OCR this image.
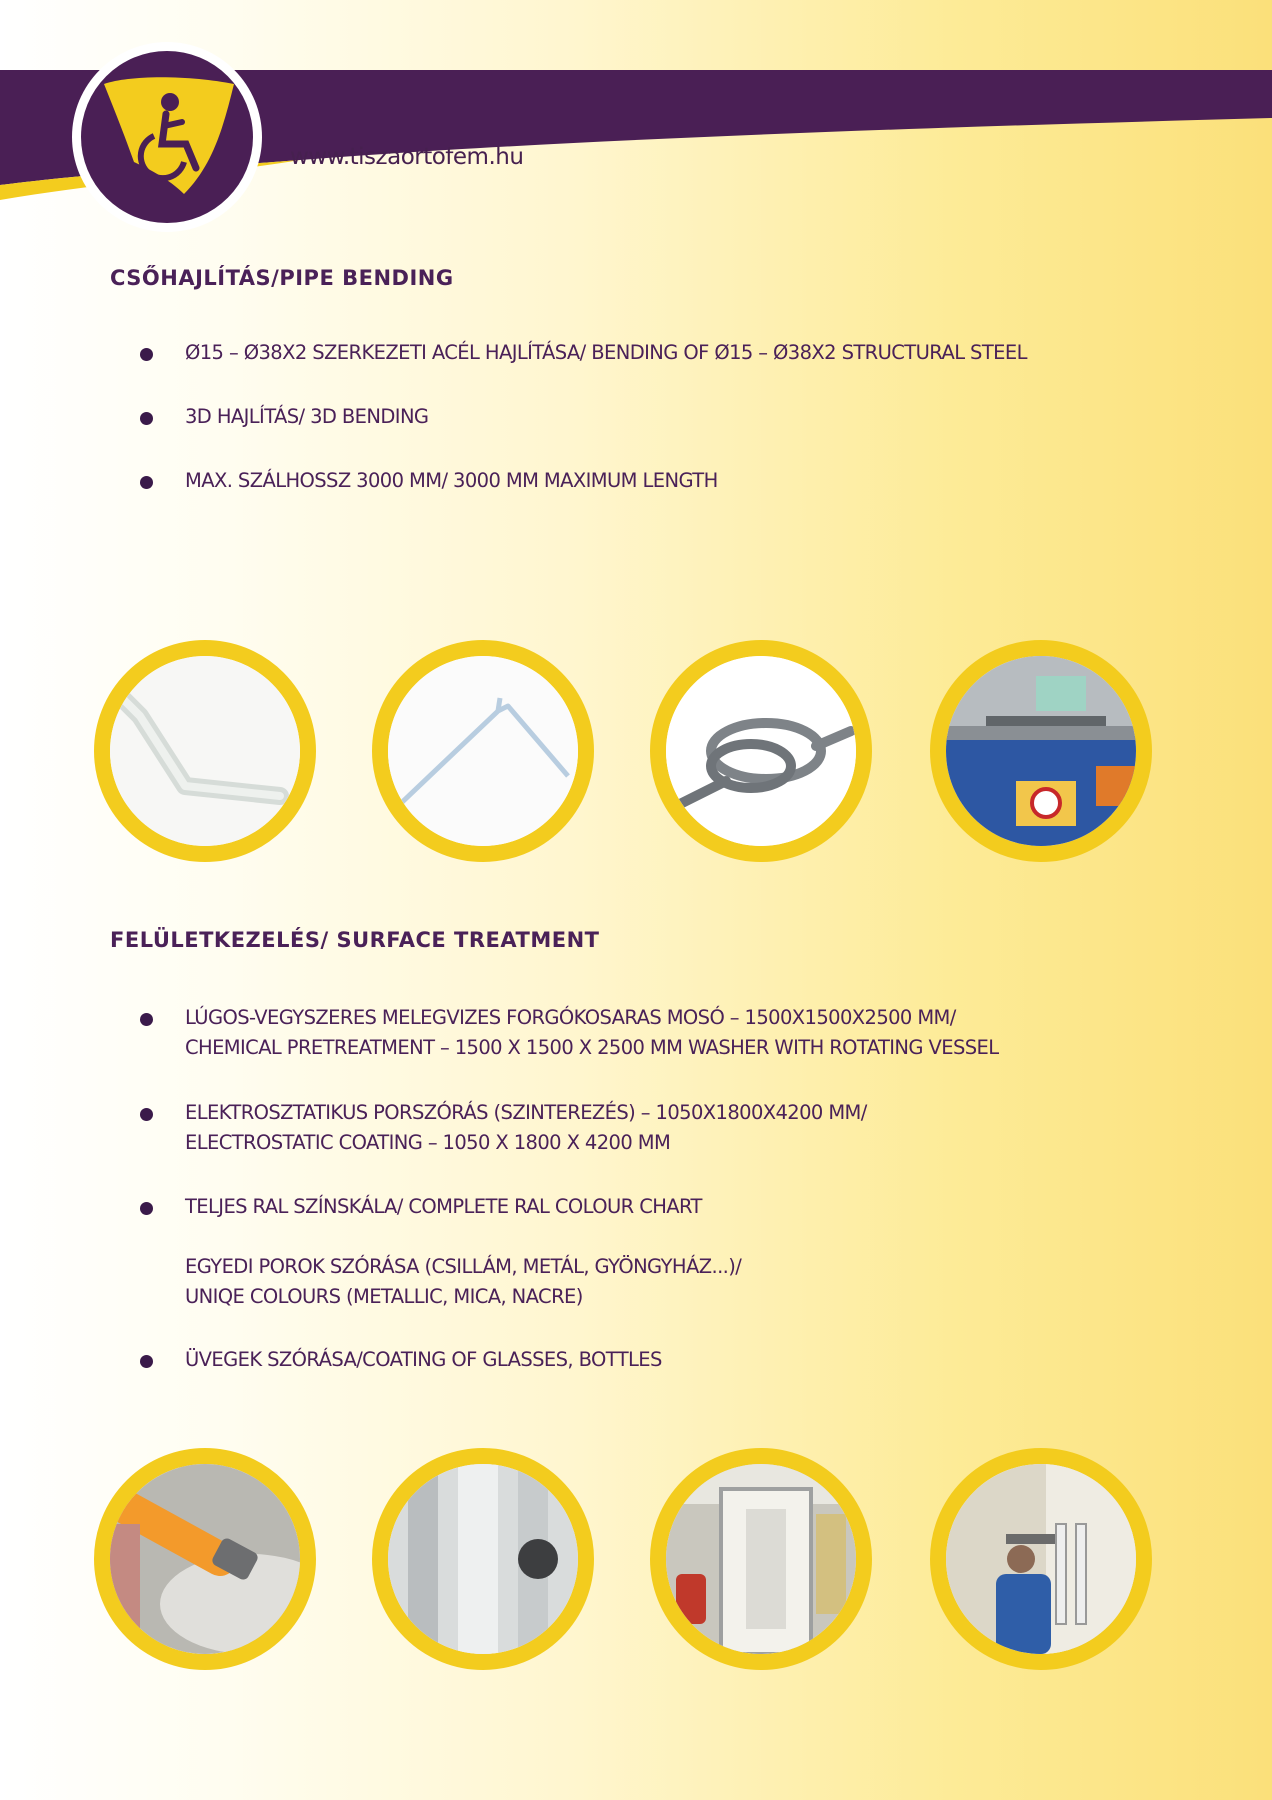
www.tiszaortofem.hu
CSŐHAJLÍTÁS/PIPE BENDING
Ø15 – Ø38X2 SZERKEZETI ACÉL HAJLÍTÁSA/ BENDING OF Ø15 – Ø38X2 STRUCTURAL STEEL
3D HAJLÍTÁS/ 3D BENDING
MAX. SZÁLHOSSZ 3000 MM/ 3000 MM MAXIMUM LENGTH
FELÜLETKEZELÉS/ SURFACE TREATMENT
LÚGOS-VEGYSZERES MELEGVIZES FORGÓKOSARAS MOSÓ – 1500X1500X2500 MM/
CHEMICAL PRETREATMENT – 1500 X 1500 X 2500 MM WASHER WITH ROTATING VESSEL
ELEKTROSZTATIKUS PORSZÓRÁS (SZINTEREZÉS) – 1050X1800X4200 MM/
ELECTROSTATIC COATING – 1050 X 1800 X 4200 MM
TELJES RAL SZÍNSKÁLA/ COMPLETE RAL COLOUR CHART
EGYEDI POROK SZÓRÁSA (CSILLÁM, METÁL, GYÖNGYHÁZ...)/
UNIQE COLOURS (METALLIC, MICA, NACRE)
ÜVEGEK SZÓRÁSA/COATING OF GLASSES, BOTTLES
